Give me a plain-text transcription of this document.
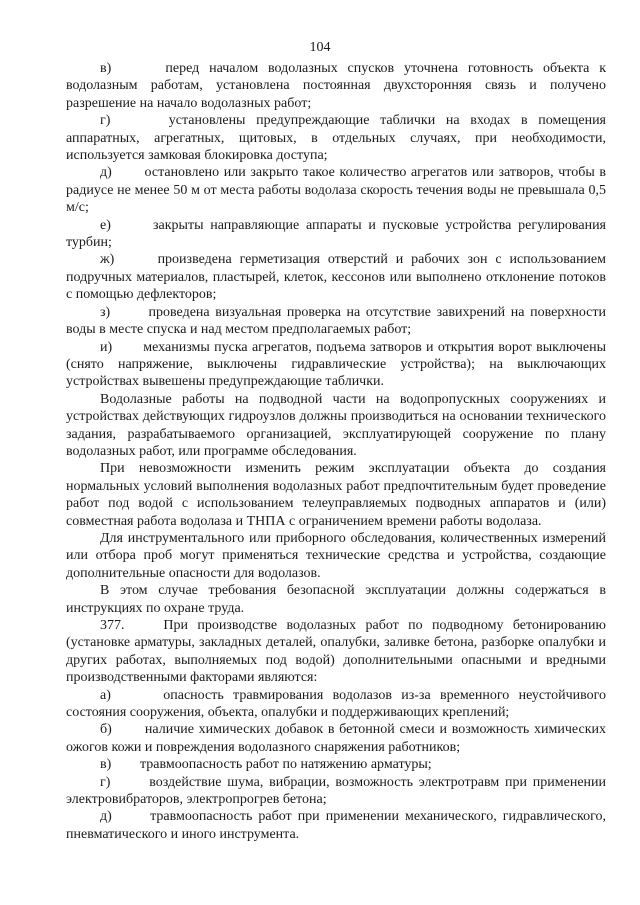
104

в)	перед началом водолазных спусков уточнена готовность объекта к водолазным работам, установлена постоянная двухсторонняя связь и получено разрешение на начало водолазных работ;

г)	установлены предупреждающие таблички на входах в помещения аппаратных, агрегатных, щитовых, в отдельных случаях, при необходимости, используется замковая блокировка доступа;

д) остановлено или закрыто такое количество агрегатов или затворов, чтобы в радиусе не менее 50 м от места работы водолаза скорость течения воды не превышала 0,5 м/с;

е)	закрыты направляющие аппараты и пусковые устройства регулирования турбин;

ж)	произведена герметизация отверстий и рабочих зон с использованием подручных материалов, пластырей, клеток, кессонов или выполнено отклонение потоков с помощью дефлекторов;

з)	проведена визуальная проверка на отсутствие завихрений на поверхности воды в месте спуска и над местом предполагаемых работ;

и) механизмы пуска агрегатов, подъема затворов и открытия ворот выключены (снято напряжение, выключены гидравлические устройства); на выключающих устройствах вывешены предупреждающие таблички.

Водолазные работы на подводной части на водопропускных сооружениях и устройствах действующих гидроузлов должны производиться на основании технического задания, разрабатываемого организацией, эксплуатирующей сооружение по плану водолазных работ, или программе обследования.

При невозможности изменить режим эксплуатации объекта до создания нормальных условий выполнения водолазных работ предпочтительным будет проведение работ под водой с использованием телеуправляемых подводных аппаратов и (или) совместная работа водолаза и ТНПА с ограничением времени работы водолаза.

Для инструментального или приборного обследования, количественных измерений или отбора проб могут применяться технические средства и устройства, создающие дополнительные опасности для водолазов.

В этом случае требования безопасной эксплуатации должны содержаться в инструкциях по охране труда.

377.	При производстве водолазных работ по подводному бетонированию (установке арматуры, закладных деталей, опалубки, заливке бетона, разборке опалубки и других работах, выполняемых под водой) дополнительными опасными и вредными производственными факторами являются:

а)	опасность травмирования водолазов из-за временного неустойчивого состояния сооружения, объекта, опалубки и поддерживающих креплений;

б) наличие химических добавок в бетонной смеси и возможность химических ожогов кожи и повреждения водолазного снаряжения работников;

в) травмоопасность работ по натяжению арматуры;

г)	воздействие шума, вибрации, возможность электротравм при применении электровибраторов, электропрогрев бетона;

д)	травмоопасность работ при применении механического, гидравлического, пневматического и иного инструмента.
